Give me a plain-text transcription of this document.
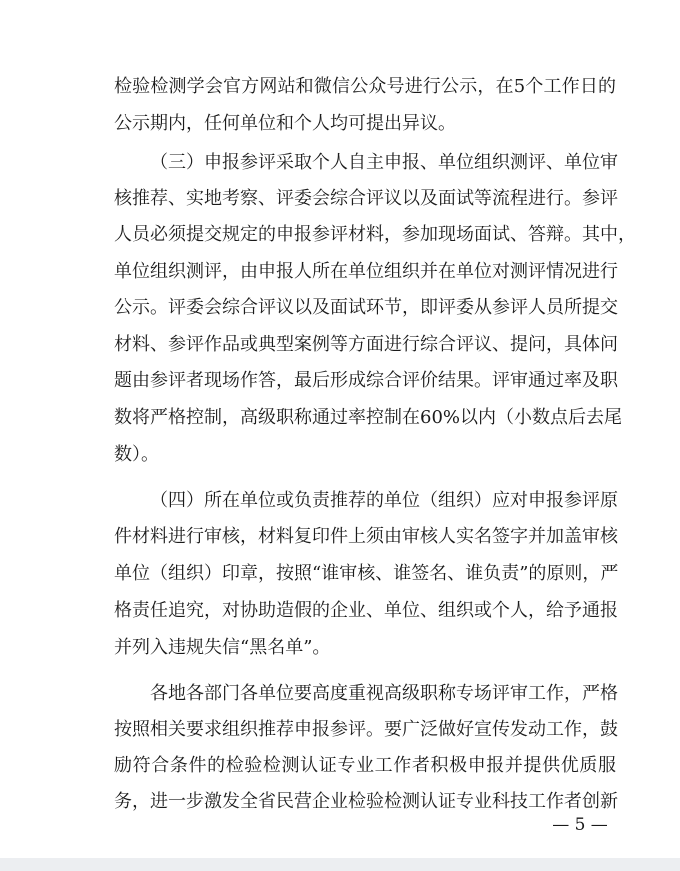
检验检测学会官方网站和微信公众号进行公示，在5个工作日的
公示期内，任何单位和个人均可提出异议。
（三）申报参评采取个人自主申报、单位组织测评、单位审
核推荐、实地考察、评委会综合评议以及面试等流程进行。参评
人员必须提交规定的申报参评材料，参加现场面试、答辩。其中，
单位组织测评，由申报人所在单位组织并在单位对测评情况进行
公示。评委会综合评议以及面试环节，即评委从参评人员所提交
材料、参评作品或典型案例等方面进行综合评议、提问，具体问
题由参评者现场作答，最后形成综合评价结果。评审通过率及职
数将严格控制，高级职称通过率控制在60%以内（小数点后去尾
数）。
（四）所在单位或负责推荐的单位（组织）应对申报参评原
件材料进行审核，材料复印件上须由审核人实名签字并加盖审核
单位（组织）印章，按照“谁审核、谁签名、谁负责”的原则，严
格责任追究，对协助造假的企业、单位、组织或个人，给予通报
并列入违规失信“黑名单”。
各地各部门各单位要高度重视高级职称专场评审工作，严格
按照相关要求组织推荐申报参评。要广泛做好宣传发动工作，鼓
励符合条件的检验检测认证专业工作者积极申报并提供优质服
务，进一步激发全省民营企业检验检测认证专业科技工作者创新
— 5 —
